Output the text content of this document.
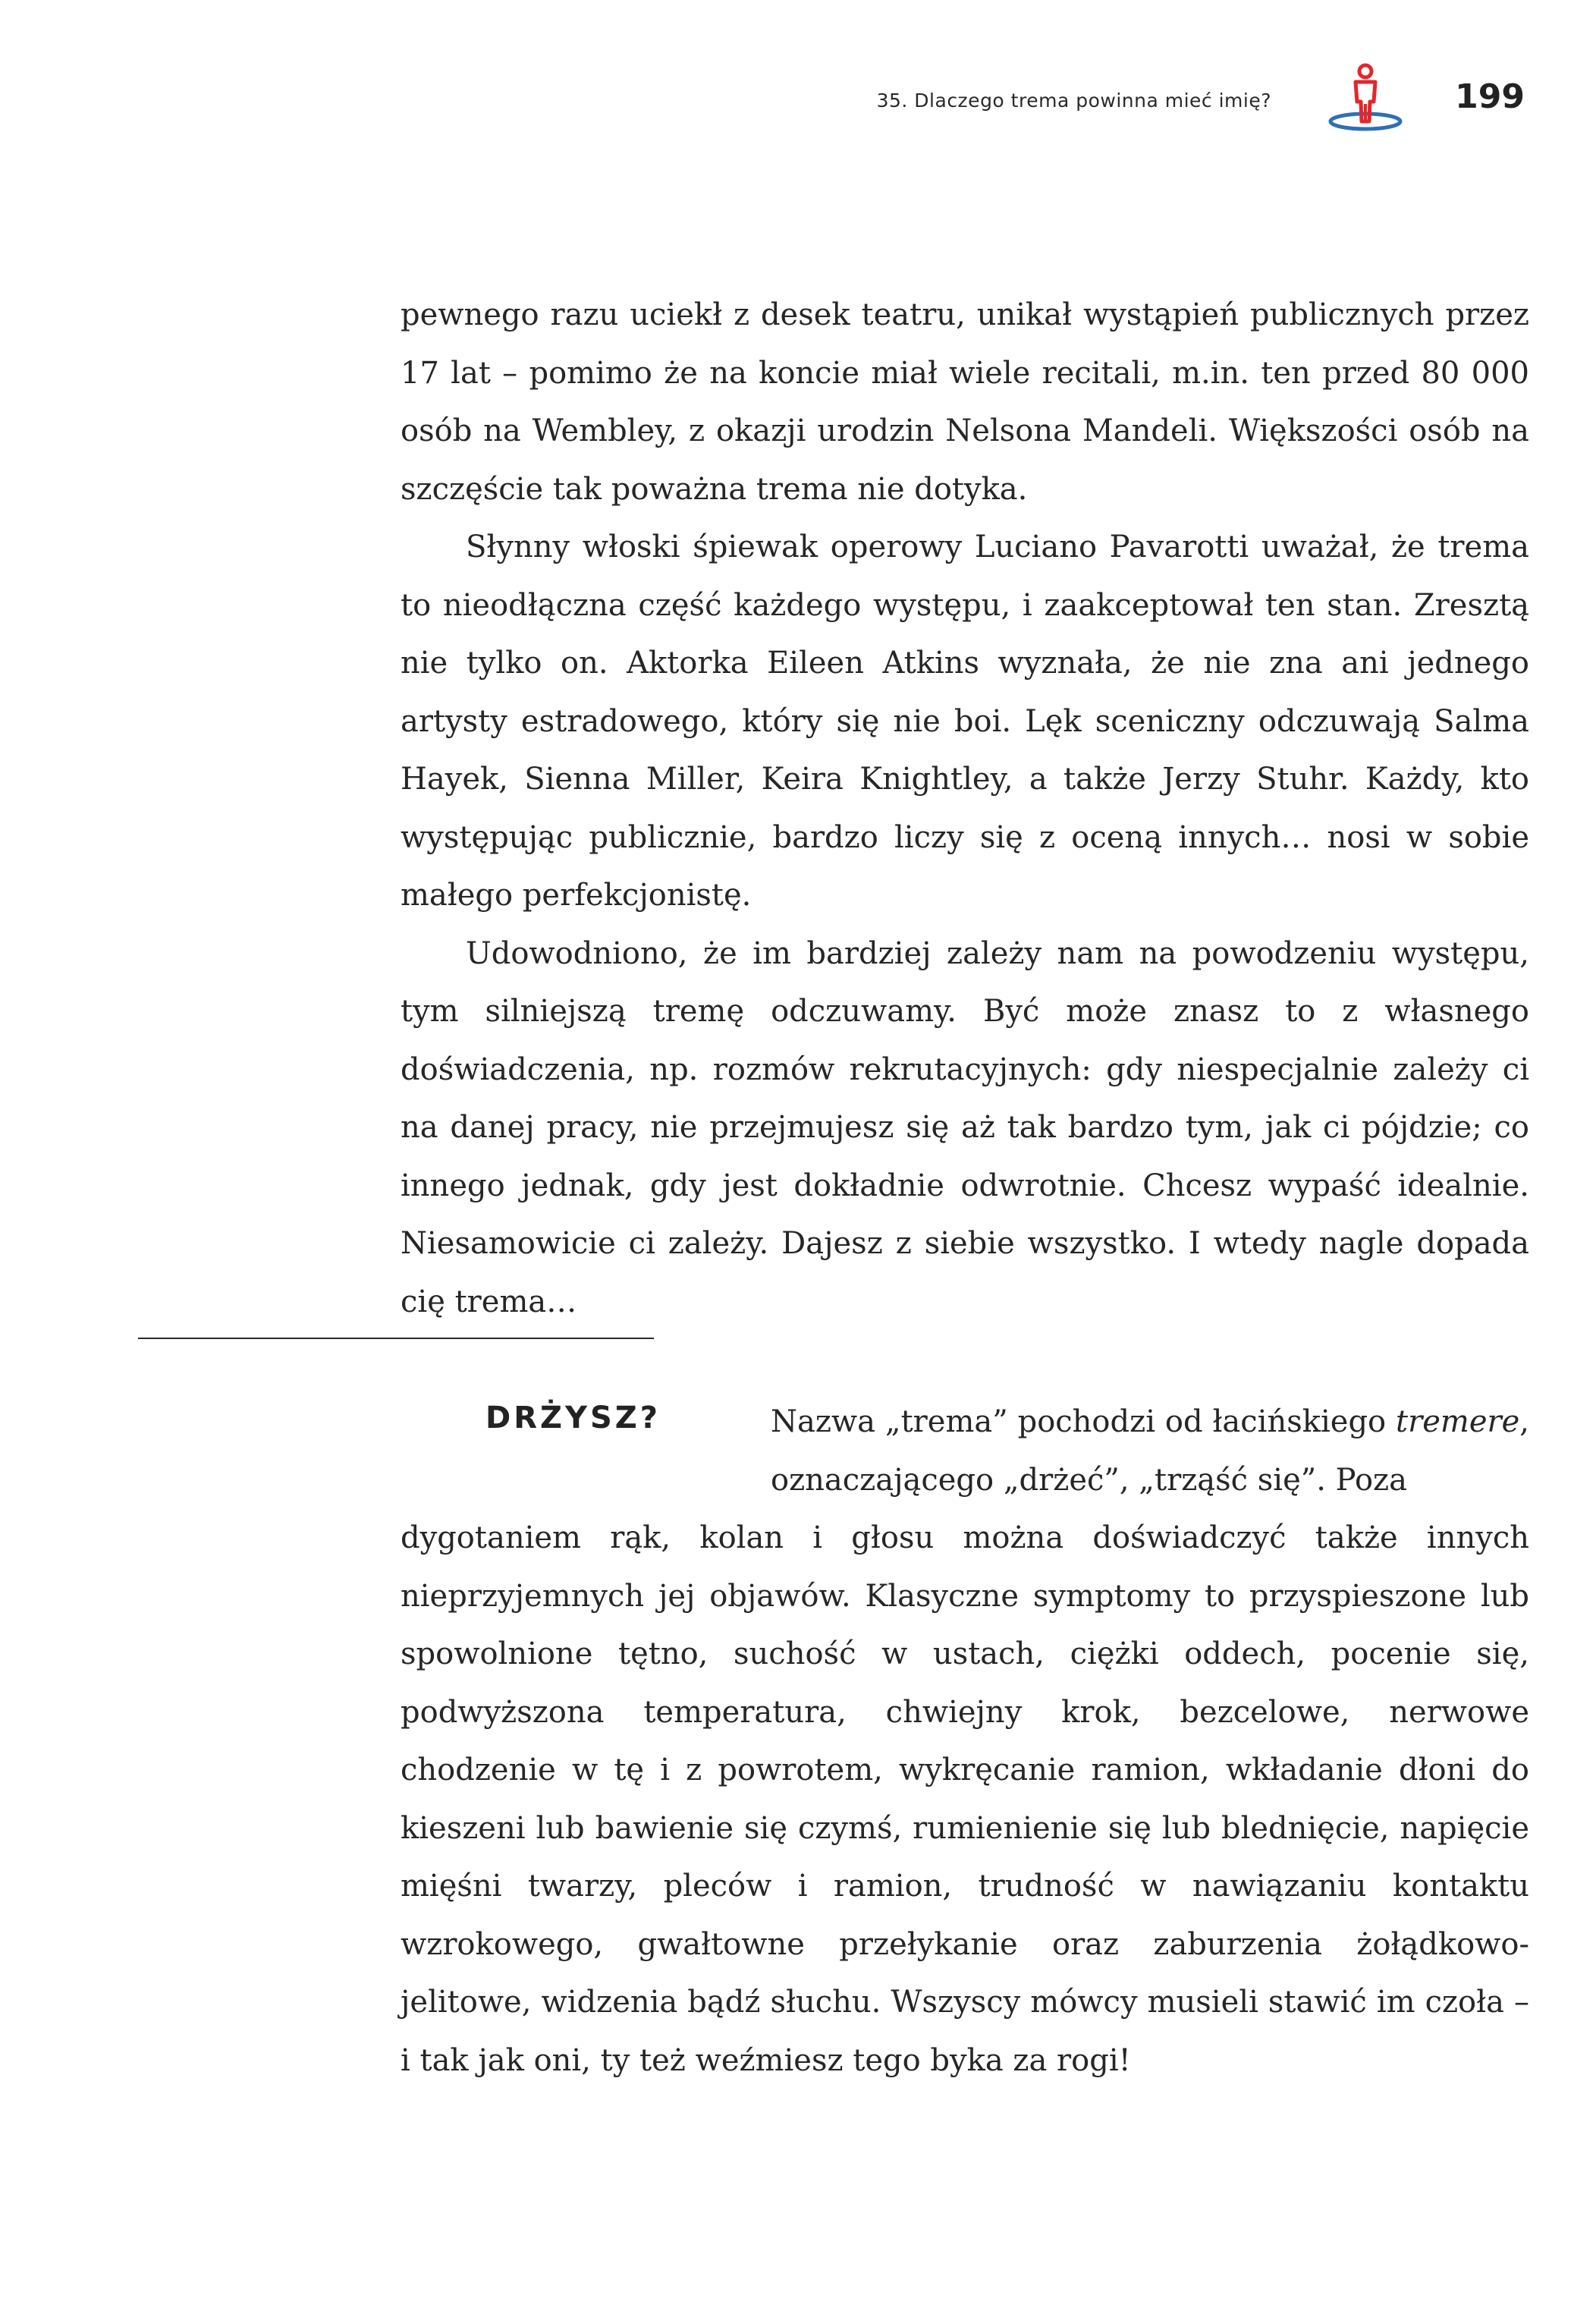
35. Dlaczego trema powinna mieć imię?	199

pewnego razu uciekł z desek teatru, unikał wystąpień publicznych przez 17 lat – pomimo że na koncie miał wiele recitali, m.in. ten przed 80 000 osób na Wembley, z okazji urodzin Nelsona Mandeli. Większości osób na szczęście tak poważna trema nie dotyka.

Słynny włoski śpiewak operowy Luciano Pavarotti uważał, że trema to nieodłączna część każdego występu, i zaakceptował ten stan. Zresztą nie tylko on. Aktorka Eileen Atkins wyznała, że nie zna ani jednego artysty estradowego, który się nie boi. Lęk sceniczny odczuwają Salma Hayek, Sienna Miller, Keira Knightley, a także Jerzy Stuhr. Każdy, kto występując publicznie, bardzo liczy się z oceną innych… nosi w sobie małego perfekcjonistę.

Udowodniono, że im bardziej zależy nam na powodzeniu występu, tym silniejszą tremę odczuwamy. Być może znasz to z własnego doświadczenia, np. rozmów rekrutacyjnych: gdy niespecjalnie zależy ci na danej pracy, nie przejmujesz się aż tak bardzo tym, jak ci pójdzie; co innego jednak, gdy jest dokładnie odwrotnie. Chcesz wypaść idealnie. Niesamowicie ci zależy. Dajesz z siebie wszystko. I wtedy nagle dopada cię trema…

DRŻYSZ?	Nazwa „trema” pochodzi od łacińskiego tremere, oznaczającego „drżeć”, „trząść się”. Poza

dygotaniem rąk, kolan i głosu można doświadczyć także innych nieprzyjemnych jej objawów. Klasyczne symptomy to przyspieszone lub spowolnione tętno, suchość w ustach, ciężki oddech, pocenie się, podwyższona temperatura, chwiejny krok, bezcelowe, nerwowe chodzenie w tę i z powrotem, wykręcanie ramion, wkładanie dłoni do kieszeni lub bawienie się czymś, rumienienie się lub blednięcie, napięcie mięśni twarzy, pleców i ramion, trudność w nawiązaniu kontaktu wzrokowego, gwałtowne przełykanie oraz zaburzenia żołądkowo-jelitowe, widzenia bądź słuchu. Wszyscy mówcy musieli stawić im czoła – i tak jak oni, ty też weźmiesz tego byka za rogi!
